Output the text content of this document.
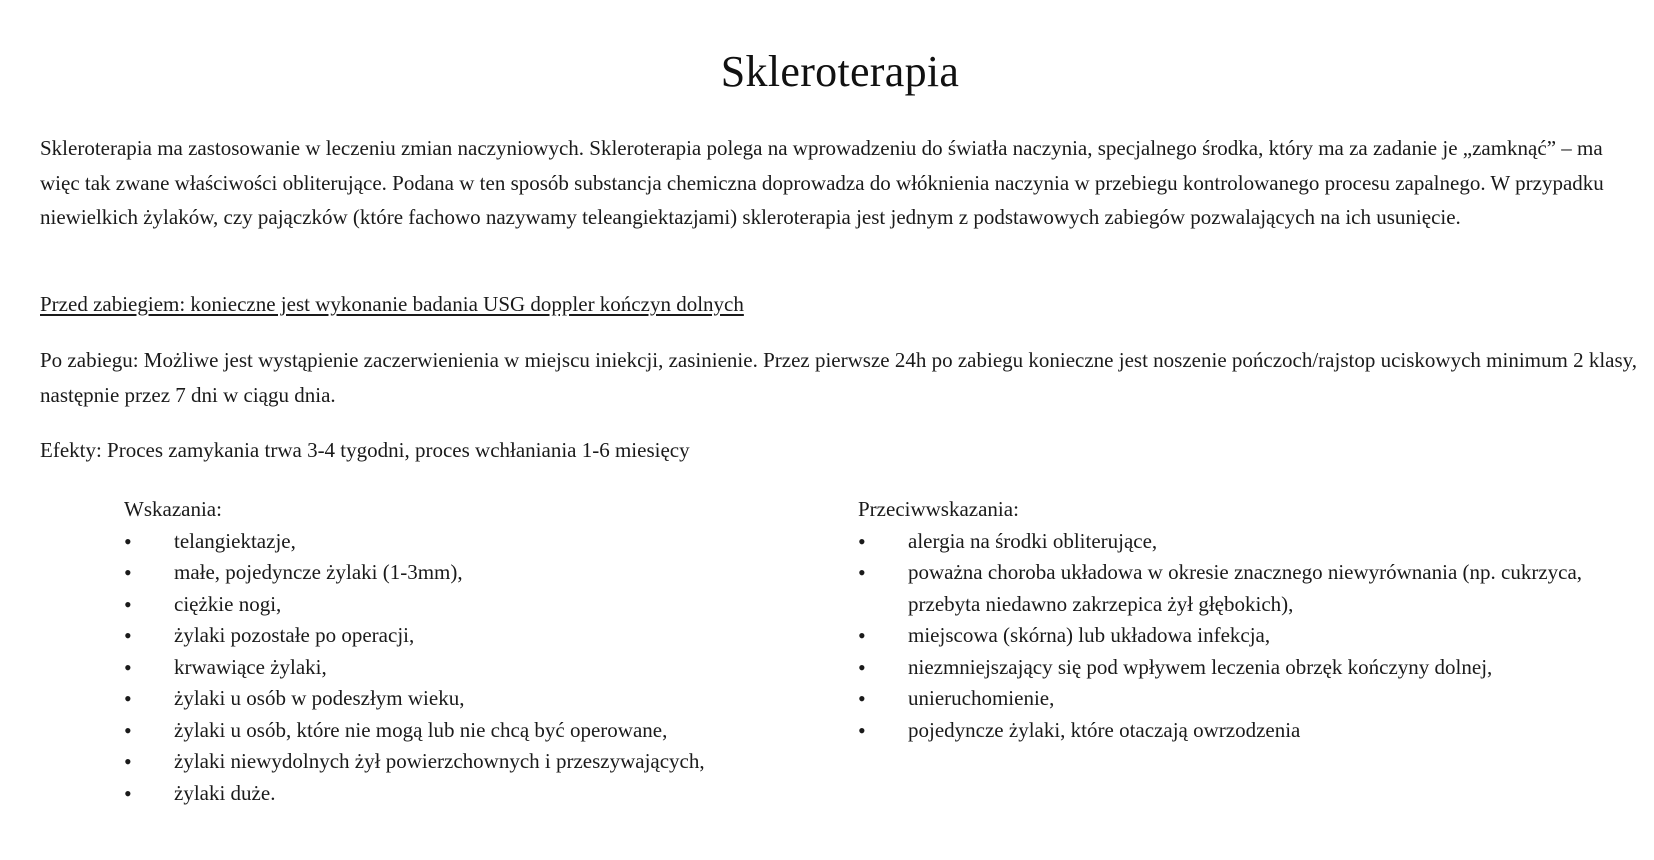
Skleroterapia

Skleroterapia ma zastosowanie w leczeniu zmian naczyniowych. Skleroterapia polega na wprowadzeniu do światła naczynia, specjalnego środka, który ma za zadanie je „zamknąć” – ma więc tak zwane właściwości obliterujące. Podana w ten sposób substancja chemiczna doprowadza do włóknienia naczynia w przebiegu kontrolowanego procesu zapalnego. W przypadku niewielkich żylaków, czy pajączków (które fachowo nazywamy teleangiektazjami) skleroterapia jest jednym z podstawowych zabiegów pozwalających na ich usunięcie.

Przed zabiegiem: konieczne jest wykonanie badania USG doppler kończyn dolnych

Po zabiegu: Możliwe jest wystąpienie zaczerwienienia w miejscu iniekcji, zasinienie. Przez pierwsze 24h po zabiegu konieczne jest noszenie pończoch/rajstop uciskowych minimum 2 klasy, następnie przez 7 dni w ciągu dnia.

Efekty: Proces zamykania trwa 3-4 tygodni, proces wchłaniania 1-6 miesięcy

Wskazania:
• telangiektazje,
• małe, pojedyncze żylaki (1-3mm),
• ciężkie nogi,
• żylaki pozostałe po operacji,
• krwawiące żylaki,
• żylaki u osób w podeszłym wieku,
• żylaki u osób, które nie mogą lub nie chcą być operowane,
• żylaki niewydolnych żył powierzchownych i przeszywających,
• żylaki duże.
Przeciwwskazania:
• alergia na środki obliterujące,
• poważna choroba układowa w okresie znacznego niewyrównania (np. cukrzyca, przebyta niedawno zakrzepica żył głębokich),
• miejscowa (skórna) lub układowa infekcja,
• niezmniejszający się pod wpływem leczenia obrzęk kończyny dolnej,
• unieruchomienie,
• pojedyncze żylaki, które otaczają owrzodzenia
